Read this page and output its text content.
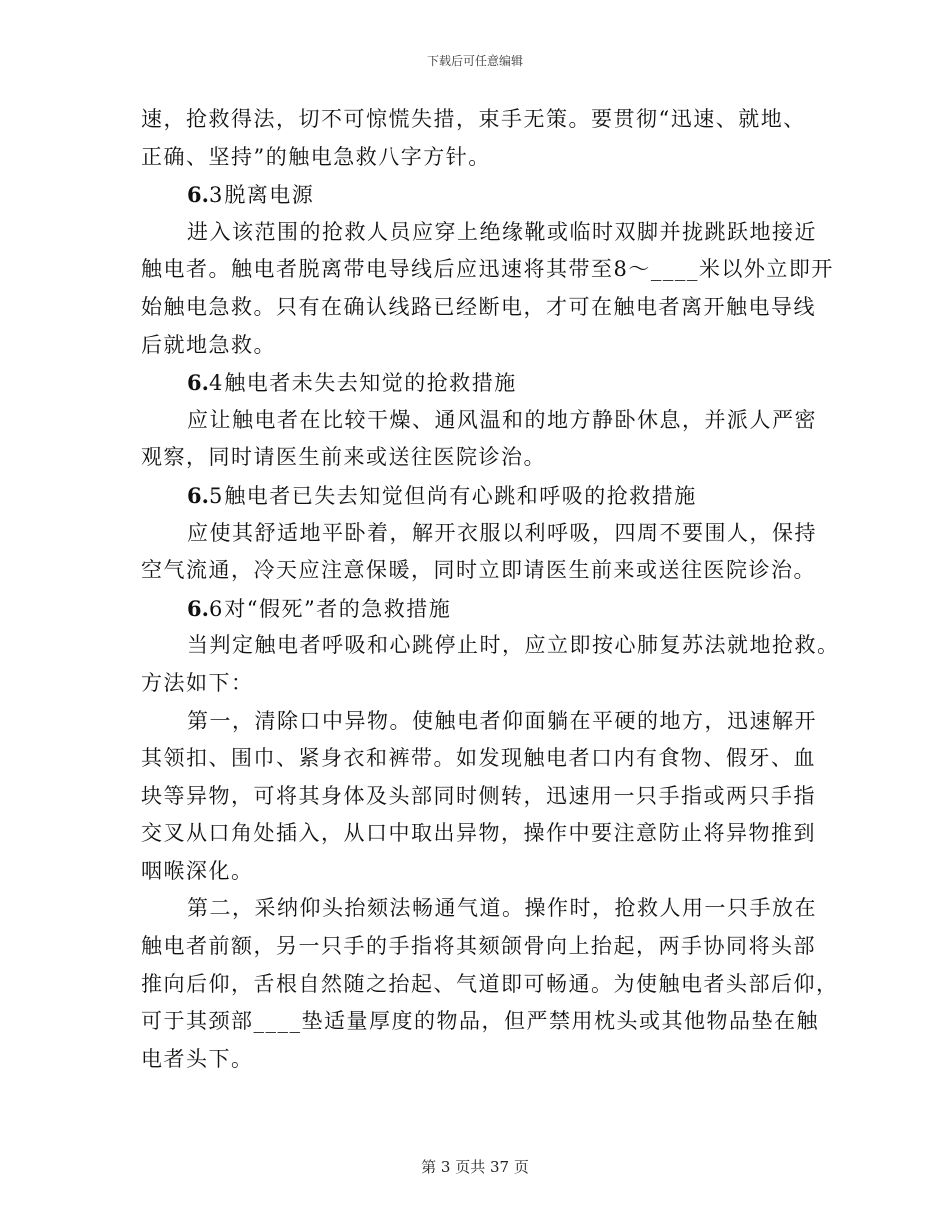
下载后可任意编辑
速，抢救得法，切不可惊慌失措，束手无策。要贯彻“迅速、就地、
正确、坚持”的触电急救八字方针。
6.3脱离电源
进入该范围的抢救人员应穿上绝缘靴或临时双脚并拢跳跃地接近
触电者。触电者脱离带电导线后应迅速将其带至8～____米以外立即开
始触电急救。只有在确认线路已经断电，才可在触电者离开触电导线
后就地急救。
6.4触电者未失去知觉的抢救措施
应让触电者在比较干燥、通风温和的地方静卧休息，并派人严密
观察，同时请医生前来或送往医院诊治。
6.5触电者已失去知觉但尚有心跳和呼吸的抢救措施
应使其舒适地平卧着，解开衣服以利呼吸，四周不要围人，保持
空气流通，冷天应注意保暖，同时立即请医生前来或送往医院诊治。
6.6对“假死”者的急救措施
当判定触电者呼吸和心跳停止时，应立即按心肺复苏法就地抢救。
方法如下：
第一，清除口中异物。使触电者仰面躺在平硬的地方，迅速解开
其领扣、围巾、紧身衣和裤带。如发现触电者口内有食物、假牙、血
块等异物，可将其身体及头部同时侧转，迅速用一只手指或两只手指
交叉从口角处插入，从口中取出异物，操作中要注意防止将异物推到
咽喉深化。
第二，采纳仰头抬颏法畅通气道。操作时，抢救人用一只手放在
触电者前额，另一只手的手指将其颏颌骨向上抬起，两手协同将头部
推向后仰，舌根自然随之抬起、气道即可畅通。为使触电者头部后仰，
可于其颈部____垫适量厚度的物品，但严禁用枕头或其他物品垫在触
电者头下。
第 3 页共 37 页
